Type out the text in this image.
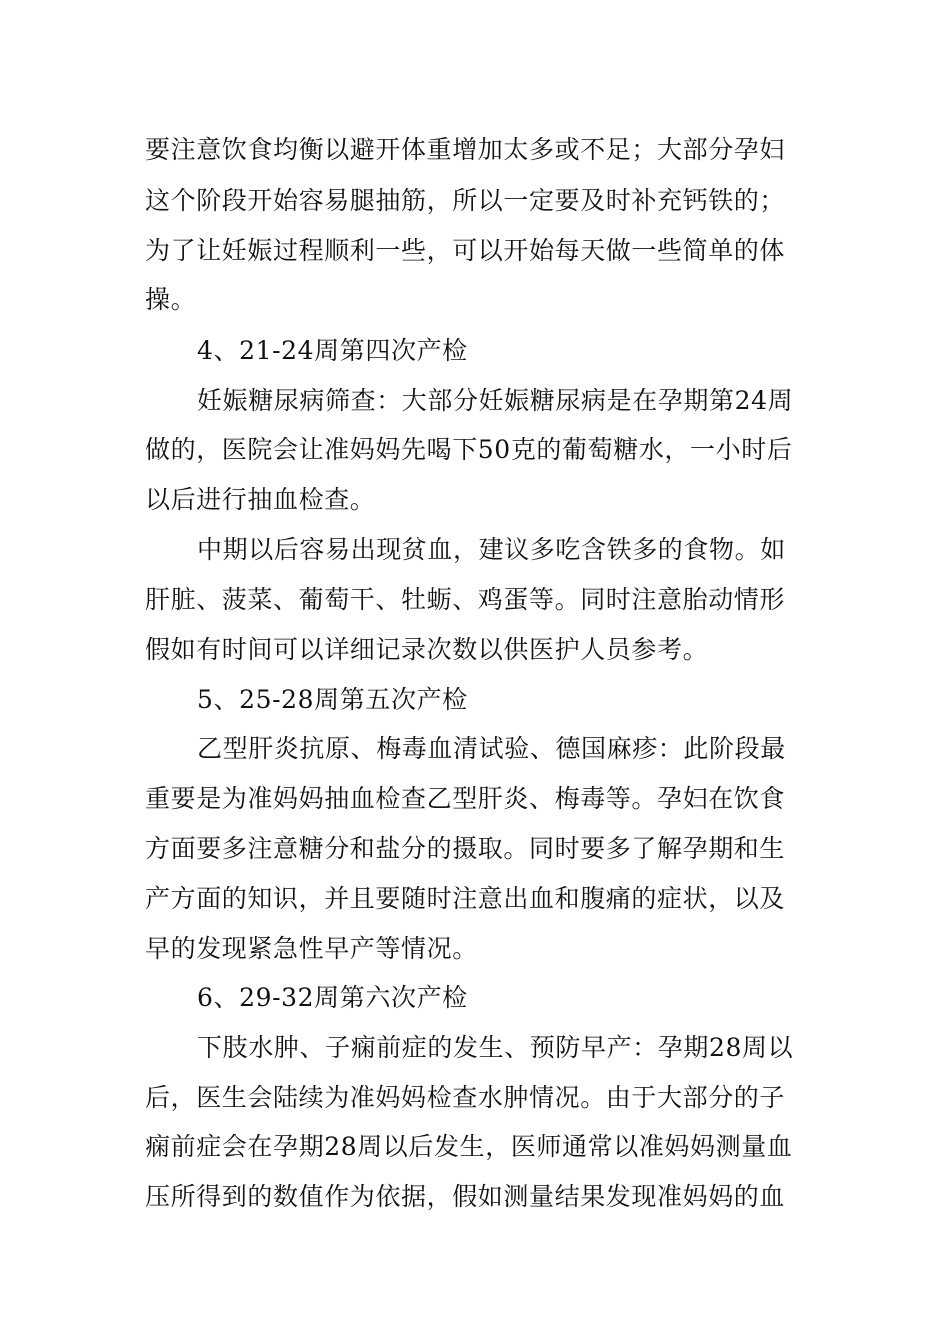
要注意饮食均衡以避开体重增加太多或不足；大部分孕妇
这个阶段开始容易腿抽筋，所以一定要及时补充钙铁的；
为了让妊娠过程顺利一些，可以开始每天做一些简单的体
操。
4、21-24周第四次产检
妊娠糖尿病筛查：大部分妊娠糖尿病是在孕期第24周
做的，医院会让准妈妈先喝下50克的葡萄糖水，一小时后
以后进行抽血检查。
中期以后容易出现贫血，建议多吃含铁多的食物。如
肝脏、菠菜、葡萄干、牡蛎、鸡蛋等。同时注意胎动情形
假如有时间可以详细记录次数以供医护人员参考。
5、25-28周第五次产检
乙型肝炎抗原、梅毒血清试验、德国麻疹：此阶段最
重要是为准妈妈抽血检查乙型肝炎、梅毒等。孕妇在饮食
方面要多注意糖分和盐分的摄取。同时要多了解孕期和生
产方面的知识，并且要随时注意出血和腹痛的症状，以及
早的发现紧急性早产等情况。
6、29-32周第六次产检
下肢水肿、子痫前症的发生、预防早产：孕期28周以
后，医生会陆续为准妈妈检查水肿情况。由于大部分的子
痫前症会在孕期28周以后发生，医师通常以准妈妈测量血
压所得到的数值作为依据，假如测量结果发现准妈妈的血
